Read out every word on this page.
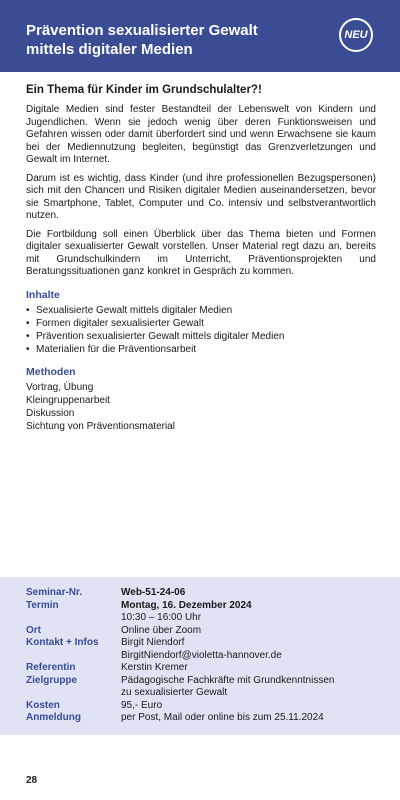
Prävention sexualisierter Gewalt
mittels digitaler Medien
NEU
Ein Thema für Kinder im Grundschulalter?!

Digitale Medien sind fester Bestandteil der Lebenswelt von Kindern und Jugendlichen. Wenn sie jedoch wenig über deren Funktionsweisen und Gefahren wissen oder damit überfordert sind und wenn Erwachsene sie kaum bei der Mediennutzung begleiten, begünstigt das Grenzverletzungen und Gewalt im Internet.

Darum ist es wichtig, dass Kinder (und ihre professionellen Bezugspersonen) sich mit den Chancen und Risiken digitaler Medien auseinandersetzen, bevor sie Smartphone, Tablet, Computer und Co. intensiv und selbstverantwortlich nutzen.

Die Fortbildung soll einen Überblick über das Thema bieten und Formen digitaler sexualisierter Gewalt vorstellen. Unser Material regt dazu an, bereits mit Grundschulkindern im Unterricht, Präventionsprojekten und Beratungssituationen ganz konkret in Gespräch zu kommen.

Inhalte
• Sexualisierte Gewalt mittels digitaler Medien
• Formen digitaler sexualisierter Gewalt
• Prävention sexualisierter Gewalt mittels digitaler Medien
• Materialien für die Präventionsarbeit
Methoden
Vortrag, Übung
Kleingruppenarbeit
Diskussion
Sichtung von Präventionsmaterial
Seminar-Nr.	Web-51-24-06
Termin	Montag, 16. Dezember 2024
10:30 – 16:00 Uhr
Ort	Online über Zoom
Kontakt + Infos	Birgit Niendorf
BirgitNiendorf@violetta-hannover.de
Referentin	Kerstin Kremer
Zielgruppe	Pädagogische Fachkräfte mit Grundkenntnissen
zu sexualisierter Gewalt
Kosten	95,- Euro
Anmeldung	per Post, Mail oder online bis zum 25.11.2024
28
